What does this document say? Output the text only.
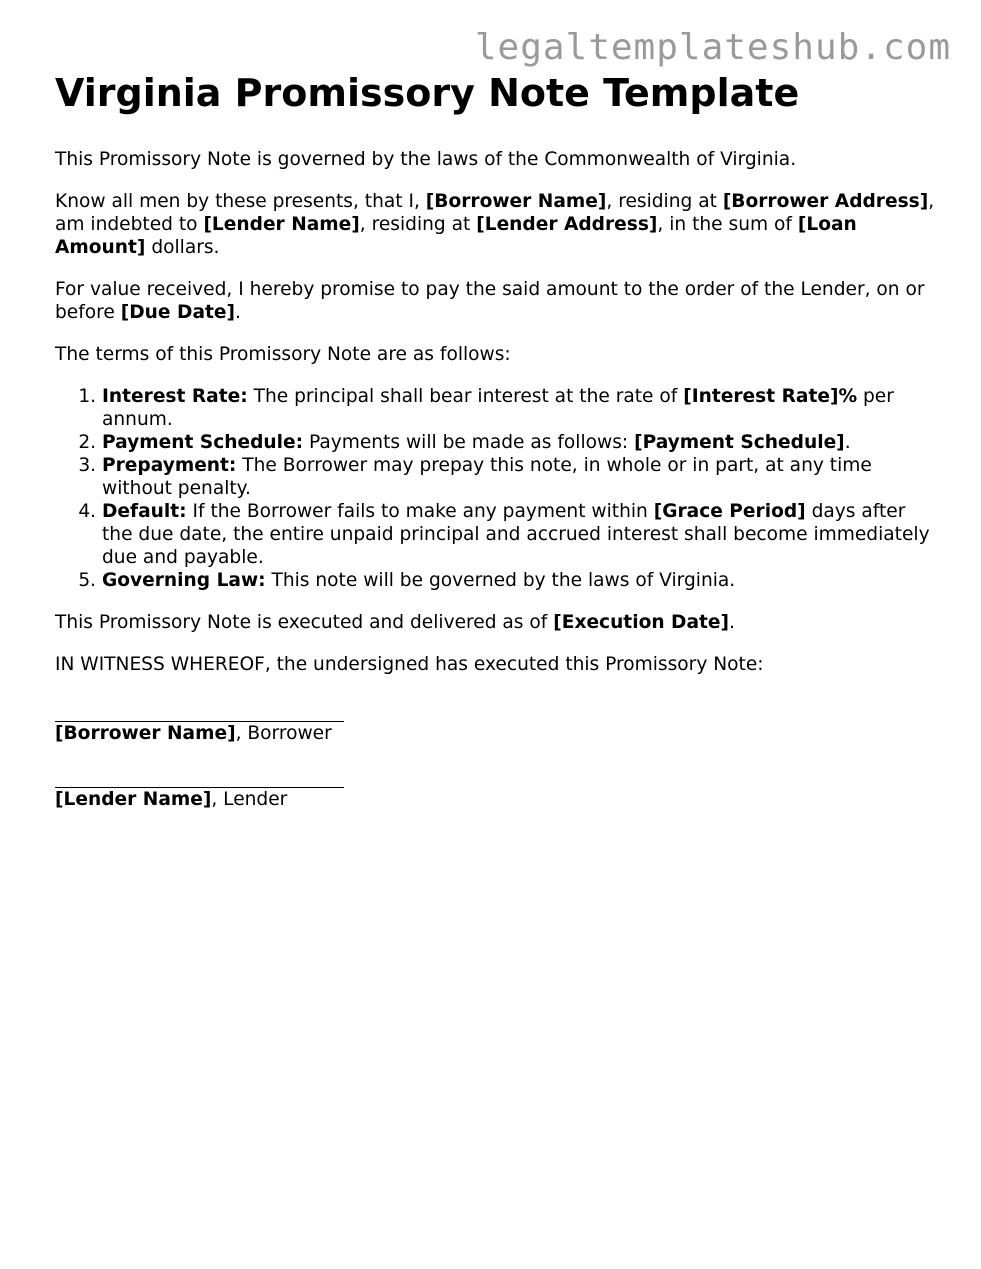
legaltemplateshub.com
Virginia Promissory Note Template

This Promissory Note is governed by the laws of the Commonwealth of Virginia.

Know all men by these presents, that I, [Borrower Name], residing at [Borrower Address], am indebted to [Lender Name], residing at [Lender Address], in the sum of [Loan Amount] dollars.

For value received, I hereby promise to pay the said amount to the order of the Lender, on or before [Due Date].

The terms of this Promissory Note are as follows:

1. Interest Rate: The principal shall bear interest at the rate of [Interest Rate]% per annum.
2. Payment Schedule: Payments will be made as follows: [Payment Schedule].
3. Prepayment: The Borrower may prepay this note, in whole or in part, at any time without penalty.
4. Default: If the Borrower fails to make any payment within [Grace Period] days after the due date, the entire unpaid principal and accrued interest shall become immediately due and payable.
5. Governing Law: This note will be governed by the laws of Virginia.

This Promissory Note is executed and delivered as of [Execution Date].

IN WITNESS WHEREOF, the undersigned has executed this Promissory Note:

[Borrower Name], Borrower
[Lender Name], Lender
